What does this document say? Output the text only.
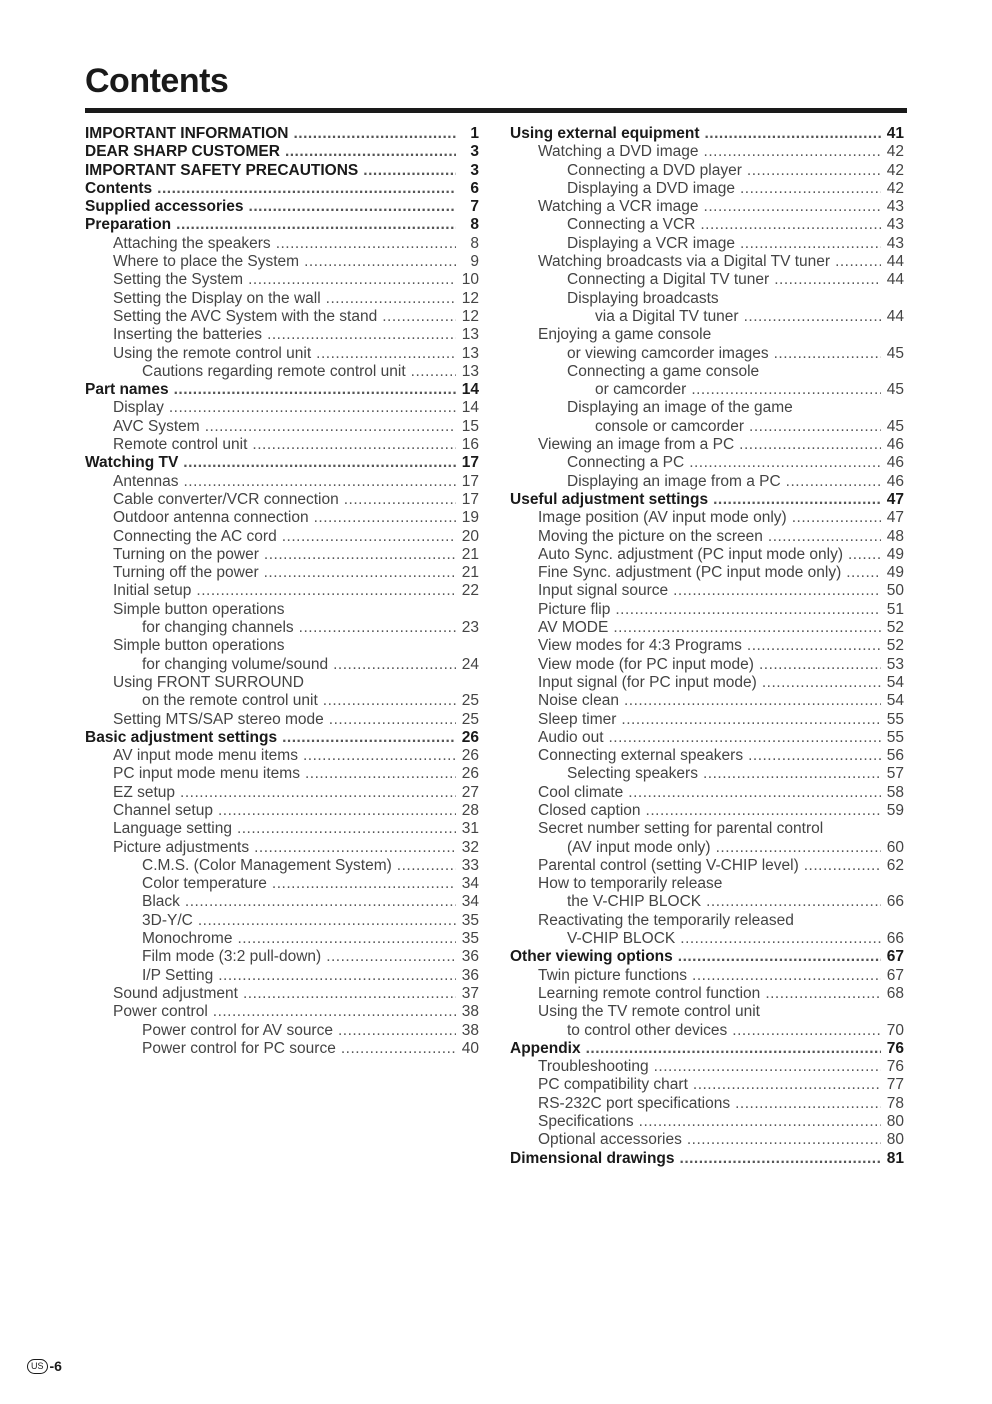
Contents
IMPORTANT INFORMATION .....	1
DEAR SHARP CUSTOMER .....	3
IMPORTANT SAFETY PRECAUTIONS .....	3
Contents .....	6
Supplied accessories .....	7
Preparation .....	8
Attaching the speakers .....	8
Where to place the System .....	9
Setting the System .....	10
Setting the Display on the wall .....	12
Setting the AVC System with the stand .....	12
Inserting the batteries .....	13
Using the remote control unit .....	13
Cautions regarding remote control unit .....	13
Part names .....	14
Display .....	14
AVC System .....	15
Remote control unit .....	16
Watching TV .....	17
Antennas .....	17
Cable converter/VCR connection .....	17
Outdoor antenna connection .....	19
Connecting the AC cord .....	20
Turning on the power .....	21
Turning off the power .....	21
Initial setup .....	22
Simple button operations
for changing channels .....	23
Simple button operations
for changing volume/sound .....	24
Using FRONT SURROUND
on the remote control unit .....	25
Setting MTS/SAP stereo mode .....	25
Basic adjustment settings .....	26
AV input mode menu items .....	26
PC input mode menu items .....	26
EZ setup .....	27
Channel setup .....	28
Language setting .....	31
Picture adjustments .....	32
C.M.S. (Color Management System) .....	33
Color temperature .....	34
Black .....	34
3D-Y/C .....	35
Monochrome .....	35
Film mode (3:2 pull-down) .....	36
I/P Setting .....	36
Sound adjustment .....	37
Power control .....	38
Power control for AV source .....	38
Power control for PC source .....	40
Using external equipment .....	41
Watching a DVD image .....	42
Connecting a DVD player .....	42
Displaying a DVD image .....	42
Watching a VCR image .....	43
Connecting a VCR .....	43
Displaying a VCR image .....	43
Watching broadcasts via a Digital TV tuner .....	44
Connecting a Digital TV tuner .....	44
Displaying broadcasts
via a Digital TV tuner .....	44
Enjoying a game console
or viewing camcorder images .....	45
Connecting a game console
or camcorder .....	45
Displaying an image of the game
console or camcorder .....	45
Viewing an image from a PC .....	46
Connecting a PC .....	46
Displaying an image from a PC .....	46
Useful adjustment settings .....	47
Image position (AV input mode only) .....	47
Moving the picture on the screen .....	48
Auto Sync. adjustment (PC input mode only) .....	49
Fine Sync. adjustment (PC input mode only) .....	49
Input signal source .....	50
Picture flip .....	51
AV MODE .....	52
View modes for 4:3 Programs .....	52
View mode (for PC input mode) .....	53
Input signal (for PC input mode) .....	54
Noise clean .....	54
Sleep timer .....	55
Audio out .....	55
Connecting external speakers .....	56
Selecting speakers .....	57
Cool climate .....	58
Closed caption .....	59
Secret number setting for parental control
(AV input mode only) .....	60
Parental control (setting V-CHIP level) .....	62
How to temporarily release
the V-CHIP BLOCK .....	66
Reactivating the temporarily released
V-CHIP BLOCK .....	66
Other viewing options .....	67
Twin picture functions .....	67
Learning remote control function .....	68
Using the TV remote control unit
to control other devices .....	70
Appendix .....	76
Troubleshooting .....	76
PC compatibility chart .....	77
RS-232C port specifications .....	78
Specifications .....	80
Optional accessories .....	80
Dimensional drawings .....	81
US -6
